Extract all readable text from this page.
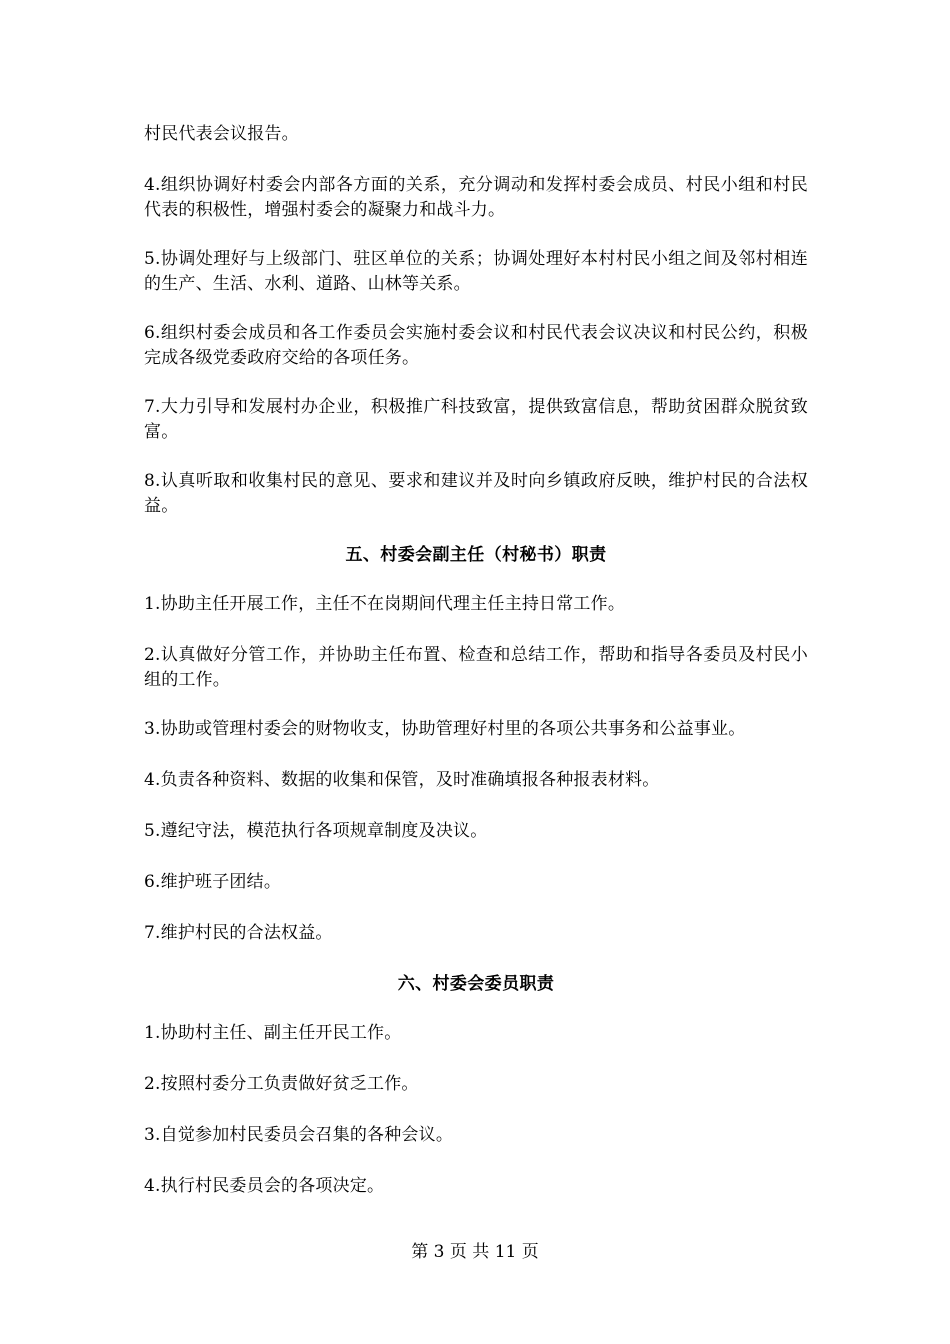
村民代表会议报告。

4.组织协调好村委会内部各方面的关系，充分调动和发挥村委会成员、村民小组和村民代表的积极性，增强村委会的凝聚力和战斗力。

5.协调处理好与上级部门、驻区单位的关系；协调处理好本村村民小组之间及邻村相连的生产、生活、水利、道路、山林等关系。

6.组织村委会成员和各工作委员会实施村委会议和村民代表会议决议和村民公约，积极完成各级党委政府交给的各项任务。

7.大力引导和发展村办企业，积极推广科技致富，提供致富信息，帮助贫困群众脱贫致富。

8.认真听取和收集村民的意见、要求和建议并及时向乡镇政府反映，维护村民的合法权益。

五、村委会副主任（村秘书）职责

1.协助主任开展工作，主任不在岗期间代理主任主持日常工作。

2.认真做好分管工作，并协助主任布置、检查和总结工作，帮助和指导各委员及村民小组的工作。

3.协助或管理村委会的财物收支，协助管理好村里的各项公共事务和公益事业。

4.负责各种资料、数据的收集和保管，及时准确填报各种报表材料。

5.遵纪守法，模范执行各项规章制度及决议。

6.维护班子团结。

7.维护村民的合法权益。

六、村委会委员职责

1.协助村主任、副主任开民工作。

2.按照村委分工负责做好贫乏工作。

3.自觉参加村民委员会召集的各种会议。

4.执行村民委员会的各项决定。

第 3 页 共 11 页
